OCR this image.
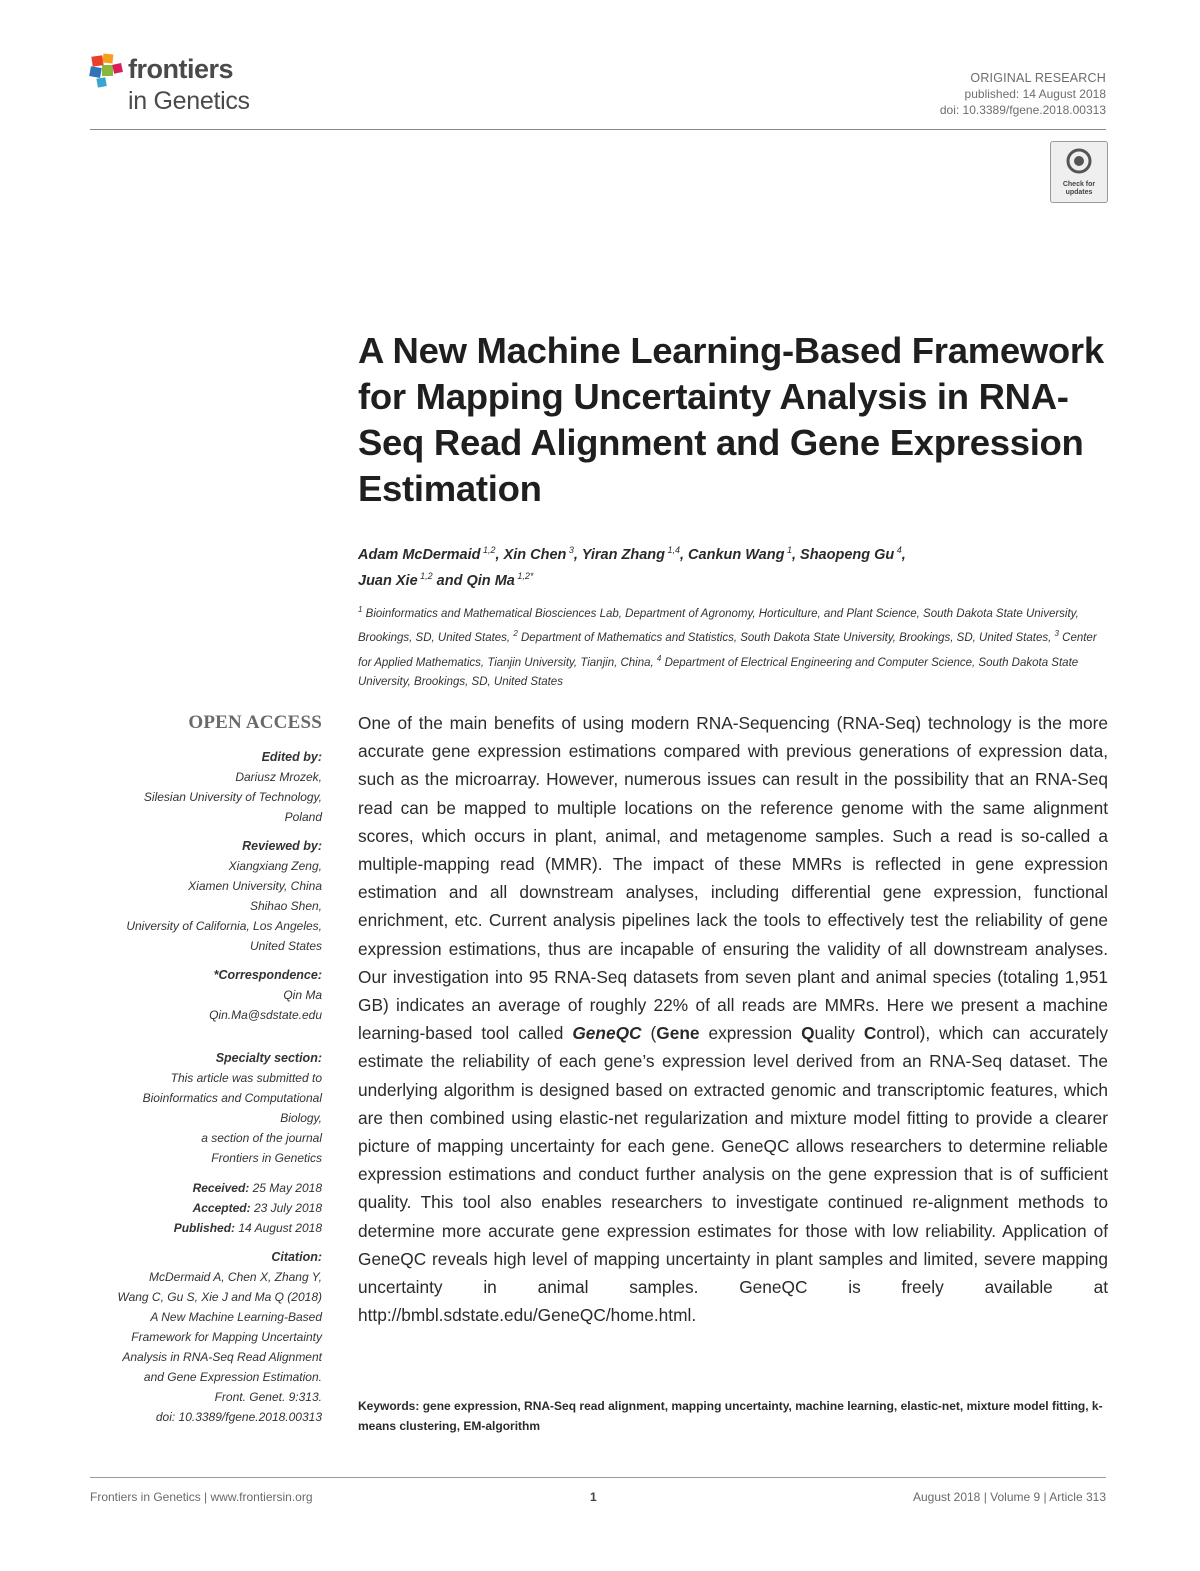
frontiers
in Genetics
ORIGINAL RESEARCH
published: 14 August 2018
doi: 10.3389/fgene.2018.00313
Check for updates
A New Machine Learning-Based Framework for Mapping Uncertainty Analysis in RNA-Seq Read Alignment and Gene Expression Estimation
Adam McDermaid $^{1,2}$, Xin Chen $^3$, Yiran Zhang $^{1,4}$, Cankun Wang $^1$, Shaopeng Gu $^4$,
Juan Xie $^{1,2}$ and Qin Ma $^{1,2*}$
$^1$ Bioinformatics and Mathematical Biosciences Lab, Department of Agronomy, Horticulture, and Plant Science, South Dakota State University, Brookings, SD, United States, $^2$ Department of Mathematics and Statistics, South Dakota State University, Brookings, SD, United States, $^3$ Center for Applied Mathematics, Tianjin University, Tianjin, China, $^4$ Department of Electrical Engineering and Computer Science, South Dakota State University, Brookings, SD, United States
OPEN ACCESS
Edited by:
Dariusz Mrozek,
Silesian University of Technology,
Poland
Reviewed by:
Xiangxiang Zeng,
Xiamen University, China
Shihao Shen,
University of California, Los Angeles,
United States
*Correspondence:
Qin Ma
Qin.Ma@sdstate.edu
Specialty section:
This article was submitted to
Bioinformatics and Computational
Biology,
a section of the journal
Frontiers in Genetics
Received: 25 May 2018
Accepted: 23 July 2018
Published: 14 August 2018
Citation:
McDermaid A, Chen X, Zhang Y,
Wang C, Gu S, Xie J and Ma Q (2018)
A New Machine Learning-Based
Framework for Mapping Uncertainty
Analysis in RNA-Seq Read Alignment
and Gene Expression Estimation.
Front. Genet. 9:313.
doi: 10.3389/fgene.2018.00313

One of the main benefits of using modern RNA-Sequencing (RNA-Seq) technology is the more accurate gene expression estimations compared with previous generations of expression data, such as the microarray. However, numerous issues can result in the possibility that an RNA-Seq read can be mapped to multiple locations on the reference genome with the same alignment scores, which occurs in plant, animal, and metagenome samples. Such a read is so-called a multiple-mapping read (MMR). The impact of these MMRs is reflected in gene expression estimation and all downstream analyses, including differential gene expression, functional enrichment, etc. Current analysis pipelines lack the tools to effectively test the reliability of gene expression estimations, thus are incapable of ensuring the validity of all downstream analyses. Our investigation into 95 RNA-Seq datasets from seven plant and animal species (totaling 1,951 GB) indicates an average of roughly 22% of all reads are MMRs. Here we present a machine learning-based tool called GeneQC (Gene expression Quality Control), which can accurately estimate the reliability of each gene’s expression level derived from an RNA-Seq dataset. The underlying algorithm is designed based on extracted genomic and transcriptomic features, which are then combined using elastic-net regularization and mixture model fitting to provide a clearer picture of mapping uncertainty for each gene. GeneQC allows researchers to determine reliable expression estimations and conduct further analysis on the gene expression that is of sufficient quality. This tool also enables researchers to investigate continued re-alignment methods to determine more accurate gene expression estimates for those with low reliability. Application of GeneQC reveals high level of mapping uncertainty in plant samples and limited, severe mapping uncertainty in animal samples. GeneQC is freely available at http://bmbl.sdstate.edu/GeneQC/home.html.

Keywords: gene expression, RNA-Seq read alignment, mapping uncertainty, machine learning, elastic-net, mixture model fitting, k-means clustering, EM-algorithm
Frontiers in Genetics | www.frontiersin.org	1	August 2018 | Volume 9 | Article 313
